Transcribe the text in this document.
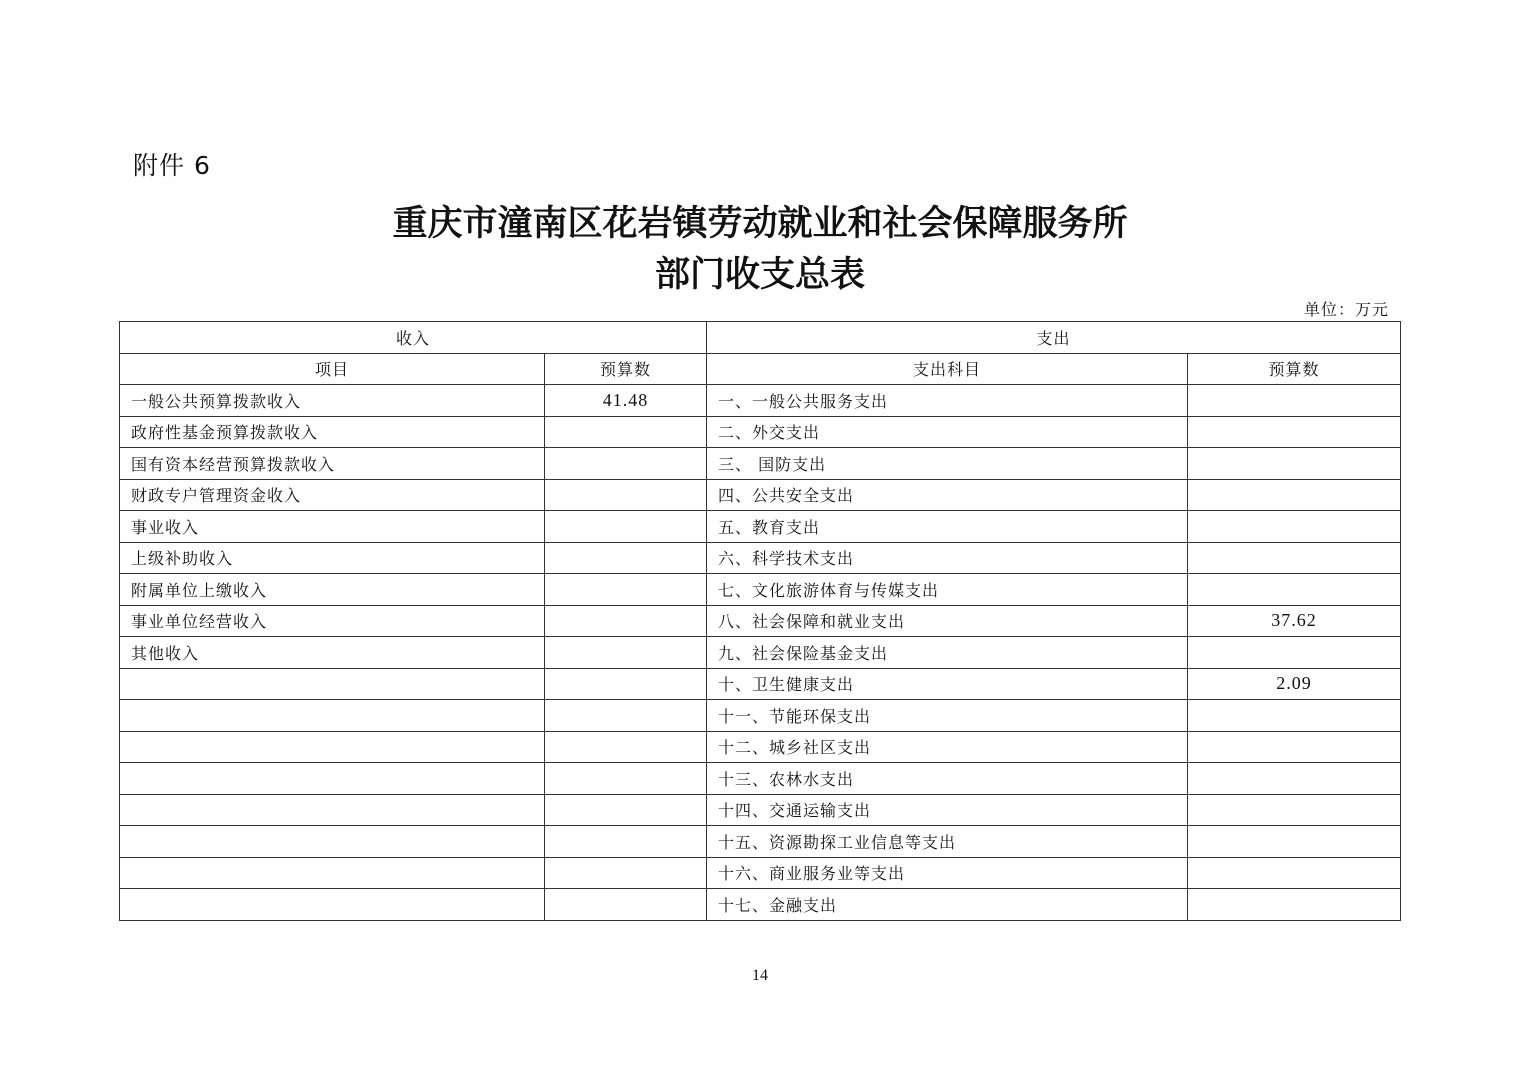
附件 6
重庆市潼南区花岩镇劳动就业和社会保障服务所
部门收支总表
单位：万元
收入		支出	
项目	预算数	支出科目	预算数
一般公共预算拨款收入	41.48	一、一般公共服务支出	
政府性基金预算拨款收入		二、外交支出	
国有资本经营预算拨款收入		三、 国防支出	
财政专户管理资金收入		四、公共安全支出	
事业收入		五、教育支出	
上级补助收入		六、科学技术支出	
附属单位上缴收入		七、文化旅游体育与传媒支出	
事业单位经营收入		八、社会保障和就业支出	37.62
其他收入		九、社会保险基金支出	
		十、卫生健康支出	2.09
		十一、节能环保支出	
		十二、城乡社区支出	
		十三、农林水支出	
		十四、交通运输支出	
		十五、资源勘探工业信息等支出	
		十六、商业服务业等支出	
		十七、金融支出	
14
